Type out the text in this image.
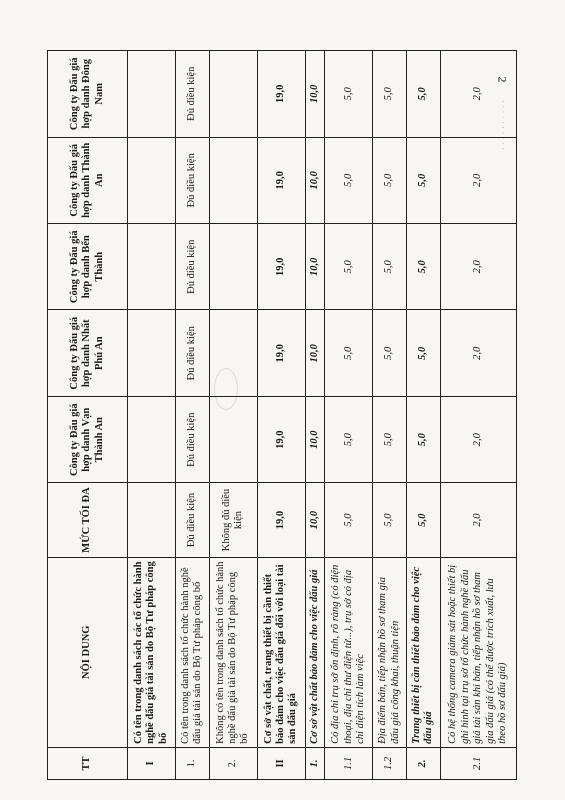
2
· · · · · · · · · ·
TT	NỘI DUNG	MỨC TỐI ĐA	Công ty Đấu giá hợp danh Vạn Thành An	Công ty Đấu giá hợp danh Nhất Phú An	Công ty Đấu giá hợp danh Bến Thành	Công ty Đấu giá hợp danh Thành An	Công ty Đấu giá hợp danh Đông Nam
I	Có tên trong danh sách các tổ chức hành nghề đấu giá tài sản do Bộ Tư pháp công bố						
1.	Có tên trong danh sách tổ chức hành nghề đấu giá tài sản do Bộ Tư pháp công bố	Đủ điều kiện	Đủ điều kiện	Đủ điều kiện	Đủ điều kiện	Đủ điều kiện	Đủ điều kiện
2.	Không có tên trong danh sách tổ chức hành nghề đấu giá tài sản do Bộ Tư pháp công bố	Không đủ điều kiện					
II	Cơ sở vật chất, trang thiết bị cần thiết bảo đảm cho việc đấu giá đối với loại tài sản đấu giá	19,0	19,0	19,0	19,0	19,0	19,0
1.	Cơ sở vật chất bảo đảm cho việc đấu giá	10,0	10,0	10,0	10,0	10,0	10,0
1.1	Có địa chỉ trụ sở ổn định, rõ ràng (có điện thoại, địa chỉ thư điện tử...), trụ sở có địa chỉ diện tích làm việc	5,0	5,0	5,0	5,0	5,0	5,0
1.2	Địa điểm bán, tiếp nhận hồ sơ tham gia đấu giá công khai, thuận tiện	5,0	5,0	5,0	5,0	5,0	5,0
2.	Trang thiết bị cần thiết bảo đảm cho việc đấu giá	5,0	5,0	5,0	5,0	5,0	5,0
2.1	Có hệ thống camera giám sát hoặc thiết bị ghi hình tại trụ sở tổ chức hành nghề đấu giá tài sản khi bán, tiếp nhận hồ sơ tham gia đấu giá (có thể được trích xuất, lưu theo hồ sơ đấu giá)	2,0	2,0	2,0	2,0	2,0	2,0
